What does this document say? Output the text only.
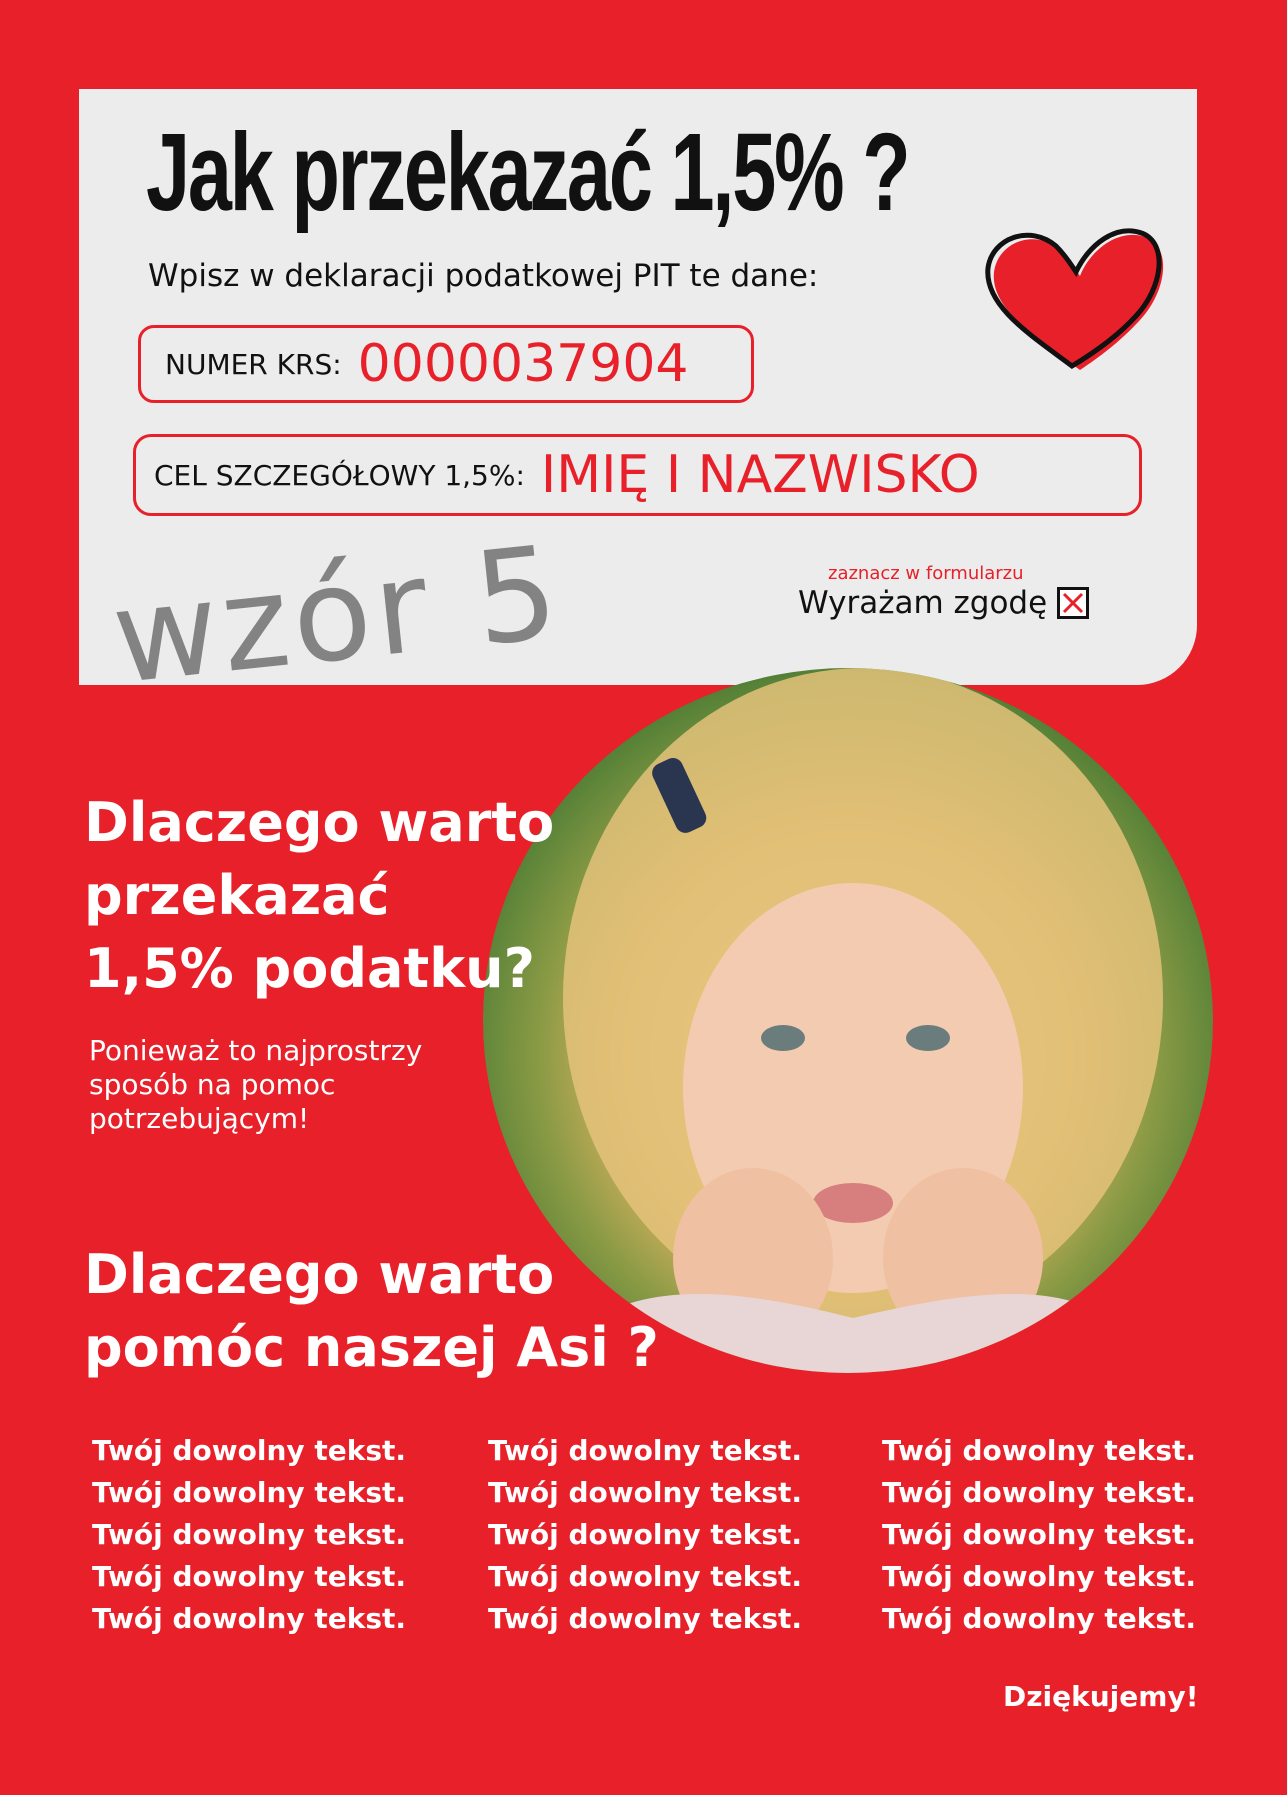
Jak przekazać 1,5% ?
Wpisz w deklaracji podatkowej PIT te dane:
NUMER KRS: 0000037904
CEL SZCZEGÓŁOWY 1,5%: IMIĘ I NAZWISKO
zaznacz w formularzu
Wyrażam zgodę
wzór 5
Dlaczego warto
przekazać
1,5% podatku?
Ponieważ to najprostrzy
sposób na pomoc
potrzebującym!
Dlaczego warto
pomóc naszej Asi ?
Twój dowolny tekst.
Twój dowolny tekst.
Twój dowolny tekst.
Twój dowolny tekst.
Twój dowolny tekst.
Twój dowolny tekst.
Twój dowolny tekst.
Twój dowolny tekst.
Twój dowolny tekst.
Twój dowolny tekst.
Twój dowolny tekst.
Twój dowolny tekst.
Twój dowolny tekst.
Twój dowolny tekst.
Twój dowolny tekst.
Dziękujemy!
